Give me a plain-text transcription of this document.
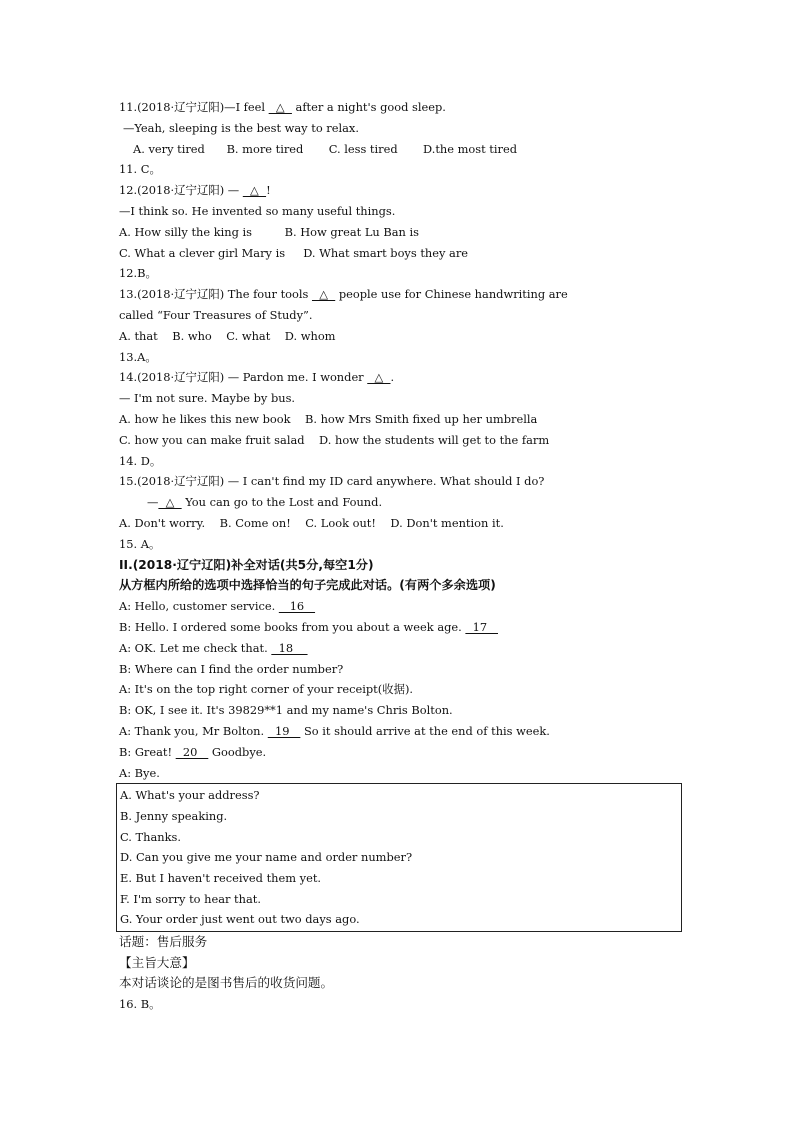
11.(2018·辽宁辽阳)—I feel   △   after a night's good sleep.
—Yeah, sleeping is the best way to relax.
A. very tired      B. more tired       C. less tired       D.the most tired
11. C。
12.(2018·辽宁辽阳) —   △  !
—I think so. He invented so many useful things.
A. How silly the king is         B. How great Lu Ban is
C. What a clever girl Mary is     D. What smart boys they are
12.B。
13.(2018·辽宁辽阳) The four tools   △   people use for Chinese handwriting are
called “Four Treasures of Study”.
A. that    B. who    C. what    D. whom
13.A。
14.(2018·辽宁辽阳) — Pardon me. I wonder   △  .
— I'm not sure. Maybe by bus.
A. how he likes this new book    B. how Mrs Smith fixed up her umbrella
C. how you can make fruit salad    D. how the students will get to the farm
14. D。
15.(2018·辽宁辽阳) — I can't find my ID card anywhere. What should I do?
—  △   You can go to the Lost and Found.
A. Don't worry.    B. Come on!    C. Look out!    D. Don't mention it.
15. A。
II.(2018·辽宁辽阳)补全对话(共5分,每空1分)
从方框内所给的选项中选择恰当的句子完成此对话。(有两个多余选项)
A: Hello, customer service.    16
B: Hello. I ordered some books from you about a week age.   17
A: OK. Let me check that.   18
B: Where can I find the order number?
A: It's on the top right corner of your receipt(收据).
B: OK, I see it. It's 39829**1 and my name's Chris Bolton.
A: Thank you, Mr Bolton.   19    So it should arrive at the end of this week.
B: Great!   20    Goodbye.
A: Bye.
A. What's your address?
B. Jenny speaking.
C. Thanks.
D. Can you give me your name and order number?
E. But I haven't received them yet.
F. I'm sorry to hear that.
G. Your order just went out two days ago.
话题：售后服务
【主旨大意】
本对话谈论的是图书售后的收货问题。
16. B。
